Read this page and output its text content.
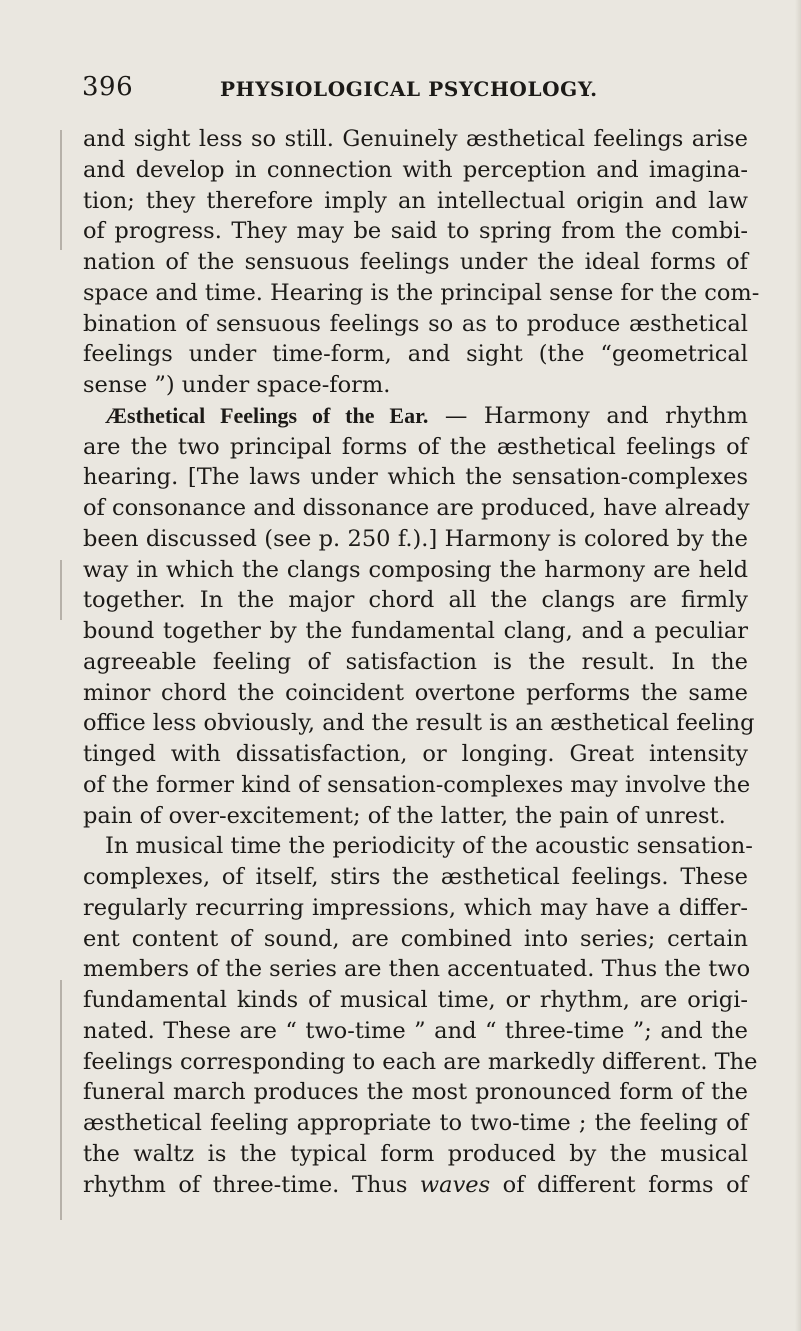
396	PHYSIOLOGICAL PSYCHOLOGY.
and sight less so still. Genuinely æsthetical feelings arise
and develop in connection with perception and imagina-
tion; they therefore imply an intellectual origin and law
of progress. They may be said to spring from the combi-
nation of the sensuous feelings under the ideal forms of
space and time. Hearing is the principal sense for the com-
bination of sensuous feelings so as to produce æsthetical
feelings under time-form, and sight (the “geometrical
sense ”) under space-form.
Æsthetical Feelings of the Ear. — Harmony and rhythm
are the two principal forms of the æsthetical feelings of
hearing. [The laws under which the sensation-complexes
of consonance and dissonance are produced, have already
been discussed (see p. 250 f.).] Harmony is colored by the
way in which the clangs composing the harmony are held
together. In the major chord all the clangs are firmly
bound together by the fundamental clang, and a peculiar
agreeable feeling of satisfaction is the result. In the
minor chord the coincident overtone performs the same
office less obviously, and the result is an æsthetical feeling
tinged with dissatisfaction, or longing. Great intensity
of the former kind of sensation-complexes may involve the
pain of over-excitement; of the latter, the pain of unrest.
In musical time the periodicity of the acoustic sensation-
complexes, of itself, stirs the æsthetical feelings. These
regularly recurring impressions, which may have a differ-
ent content of sound, are combined into series; certain
members of the series are then accentuated. Thus the two
fundamental kinds of musical time, or rhythm, are origi-
nated. These are “ two-time ” and “ three-time ”; and the
feelings corresponding to each are markedly different. The
funeral march produces the most pronounced form of the
æsthetical feeling appropriate to two-time ; the feeling of
the waltz is the typical form produced by the musical
rhythm of three-time. Thus waves of different forms of
